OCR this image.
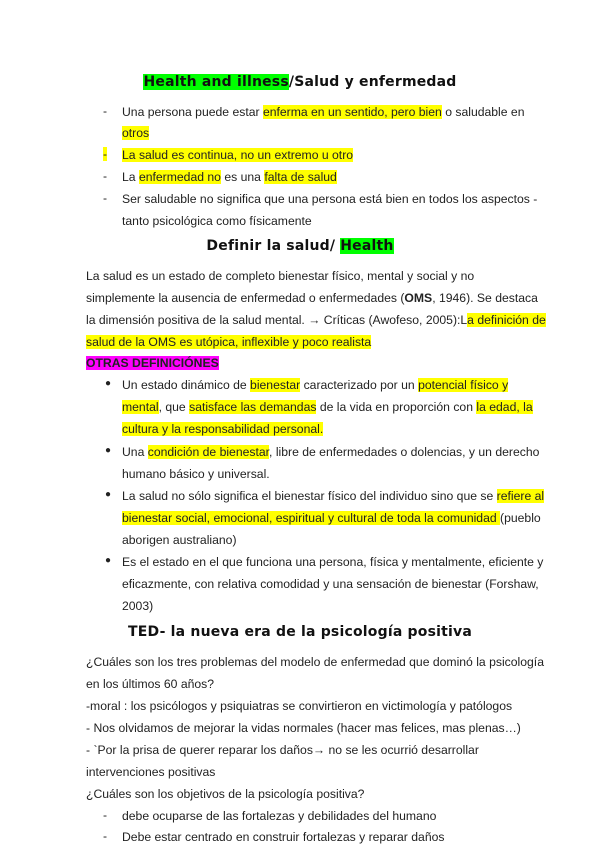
Health and illness/Salud y enfermedad
- Una persona puede estar enferma en un sentido, pero bien o saludable en
otros
- La salud es continua, no un extremo u otro
- La enfermedad no es una falta de salud
- Ser saludable no significa que una persona está bien en todos los aspectos -
tanto psicológica como físicamente
Definir la salud/ Health
La salud es un estado de completo bienestar físico, mental y social y no
simplemente la ausencia de enfermedad o enfermedades (OMS, 1946). Se destaca
la dimensión positiva de la salud mental. → Críticas (Awofeso, 2005):La definición de
salud de la OMS es utópica, inflexible y poco realista
OTRAS DEFINICIÓNES
● Un estado dinámico de bienestar caracterizado por un potencial físico y
mental, que satisface las demandas de la vida en proporción con la edad, la
cultura y la responsabilidad personal.
● Una condición de bienestar, libre de enfermedades o dolencias, y un derecho
humano básico y universal.
● La salud no sólo significa el bienestar físico del individuo sino que se refiere al
bienestar social, emocional, espiritual y cultural de toda la comunidad (pueblo
aborigen australiano)
● Es el estado en el que funciona una persona, física y mentalmente, eficiente y
eficazmente, con relativa comodidad y una sensación de bienestar (Forshaw,
2003)
TED- la nueva era de la psicología positiva
¿Cuáles son los tres problemas del modelo de enfermedad que dominó la psicología
en los últimos 60 años?
-moral : los psicólogos y psiquiatras se convirtieron en victimología y patólogos
- Nos olvidamos de mejorar la vidas normales (hacer mas felices, mas plenas…)
- `Por la prisa de querer reparar los daños→ no se les ocurrió desarrollar
intervenciones positivas
¿Cuáles son los objetivos de la psicología positiva?
- debe ocuparse de las fortalezas y debilidades del humano
- Debe estar centrado en construir fortalezas y reparar daños
